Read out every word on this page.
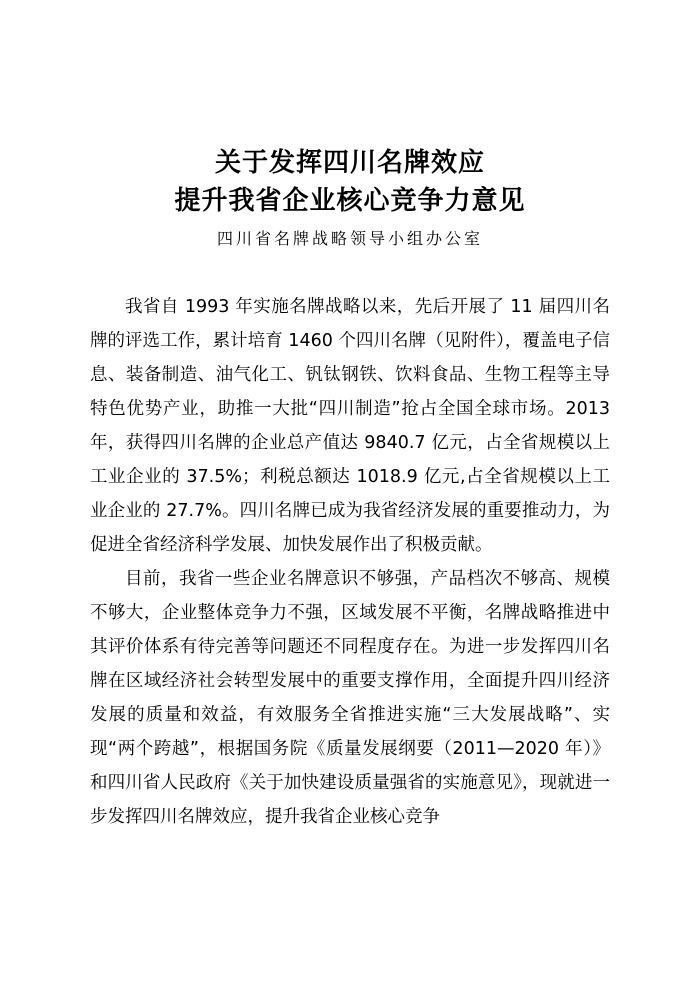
关于发挥四川名牌效应
提升我省企业核心竞争力意见
四川省名牌战略领导小组办公室

我省自 1993 年实施名牌战略以来，先后开展了 11 届四川名牌的评选工作，累计培育 1460 个四川名牌（见附件），覆盖电子信息、装备制造、油气化工、钒钛钢铁、饮料食品、生物工程等主导特色优势产业，助推一大批“四川制造”抢占全国全球市场。2013 年，获得四川名牌的企业总产值达 9840.7 亿元，占全省规模以上工业企业的 37.5%；利税总额达 1018.9 亿元,占全省规模以上工业企业的 27.7%。四川名牌已成为我省经济发展的重要推动力，为促进全省经济科学发展、加快发展作出了积极贡献。

目前，我省一些企业名牌意识不够强，产品档次不够高、规模不够大，企业整体竞争力不强，区域发展不平衡，名牌战略推进中其评价体系有待完善等问题还不同程度存在。为进一步发挥四川名牌在区域经济社会转型发展中的重要支撑作用，全面提升四川经济发展的质量和效益，有效服务全省推进实施“三大发展战略”、实现“两个跨越”，根据国务院《质量发展纲要（2011—2020 年）》和四川省人民政府《关于加快建设质量强省的实施意见》，现就进一步发挥四川名牌效应，提升我省企业核心竞争
